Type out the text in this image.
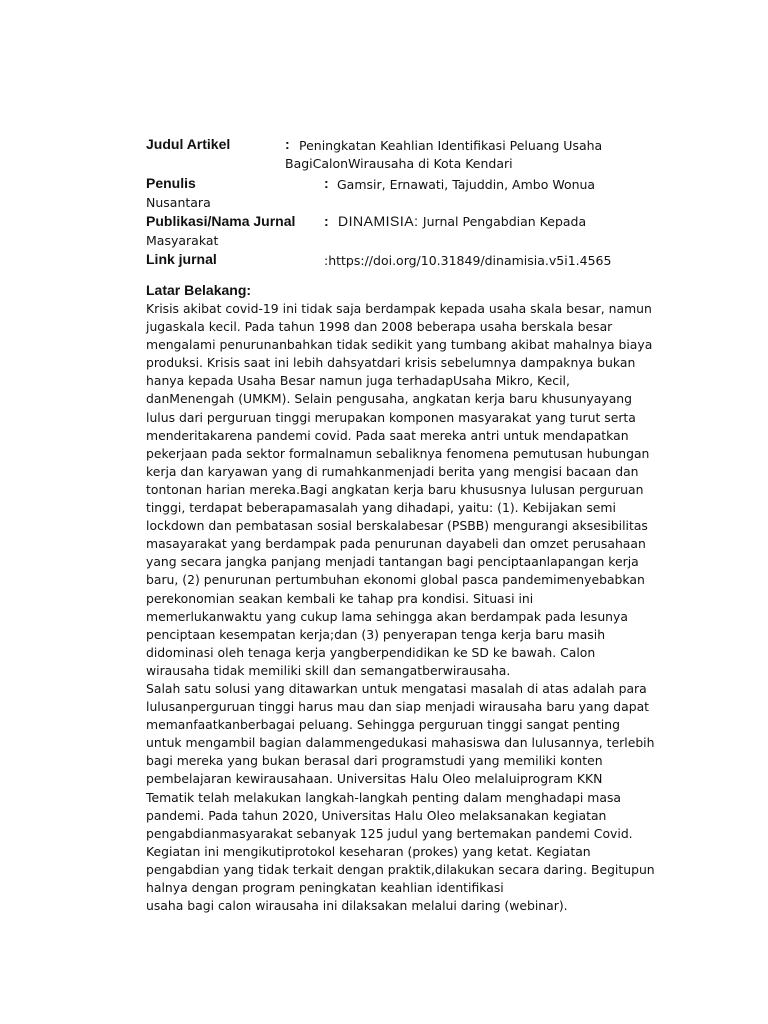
Judul Artikel	: Peningkatan Keahlian Identifikasi Peluang Usaha
BagiCalonWirausaha di Kota Kendari
Penulis	: Gamsir, Ernawati, Tajuddin, Ambo Wonua
Nusantara
Publikasi/Nama Jurnal : DINAMISIA: Jurnal Pengabdian Kepada
Masyarakat
Link jurnal	:https://doi.org/10.31849/dinamisia.v5i1.4565
Latar Belakang:
Krisis akibat covid-19 ini tidak saja berdampak kepada usaha skala besar, namun
jugaskala kecil. Pada tahun 1998 dan 2008 beberapa usaha berskala besar
mengalami penurunanbahkan tidak sedikit yang tumbang akibat mahalnya biaya
produksi. Krisis saat ini lebih dahsyatdari krisis sebelumnya dampaknya bukan
hanya kepada Usaha Besar namun juga terhadapUsaha Mikro, Kecil,
danMenengah (UMKM). Selain pengusaha, angkatan kerja baru khusunyayang
lulus dari perguruan tinggi merupakan komponen masyarakat yang turut serta
menderitakarena pandemi covid. Pada saat mereka antri untuk mendapatkan
pekerjaan pada sektor formalnamun sebaliknya fenomena pemutusan hubungan
kerja dan karyawan yang di rumahkanmenjadi berita yang mengisi bacaan dan
tontonan harian mereka.Bagi angkatan kerja baru khususnya lulusan perguruan
tinggi, terdapat beberapamasalah yang dihadapi, yaitu: (1). Kebijakan semi
lockdown dan pembatasan sosial berskalabesar (PSBB) mengurangi aksesibilitas
masayarakat yang berdampak pada penurunan dayabeli dan omzet perusahaan
yang secara jangka panjang menjadi tantangan bagi penciptaanlapangan kerja
baru, (2) penurunan pertumbuhan ekonomi global pasca pandemimenyebabkan
perekonomian seakan kembali ke tahap pra kondisi. Situasi ini
memerlukanwaktu yang cukup lama sehingga akan berdampak pada lesunya
penciptaan kesempatan kerja;dan (3) penyerapan tenga kerja baru masih
didominasi oleh tenaga kerja yangberpendidikan ke SD ke bawah. Calon
wirausaha tidak memiliki skill dan semangatberwirausaha.
Salah satu solusi yang ditawarkan untuk mengatasi masalah di atas adalah para
lulusanperguruan tinggi harus mau dan siap menjadi wirausaha baru yang dapat
memanfaatkanberbagai peluang. Sehingga perguruan tinggi sangat penting
untuk mengambil bagian dalammengedukasi mahasiswa dan lulusannya, terlebih
bagi mereka yang bukan berasal dari programstudi yang memiliki konten
pembelajaran kewirausahaan. Universitas Halu Oleo melaluiprogram KKN
Tematik telah melakukan langkah-langkah penting dalam menghadapi masa
pandemi. Pada tahun 2020, Universitas Halu Oleo melaksanakan kegiatan
pengabdianmasyarakat sebanyak 125 judul yang bertemakan pandemi Covid.
Kegiatan ini mengikutiprotokol keseharan (prokes) yang ketat. Kegiatan
pengabdian yang tidak terkait dengan praktik,dilakukan secara daring. Begitupun
halnya dengan program peningkatan keahlian identifikasi
usaha bagi calon wirausaha ini dilaksakan melalui daring (webinar).
